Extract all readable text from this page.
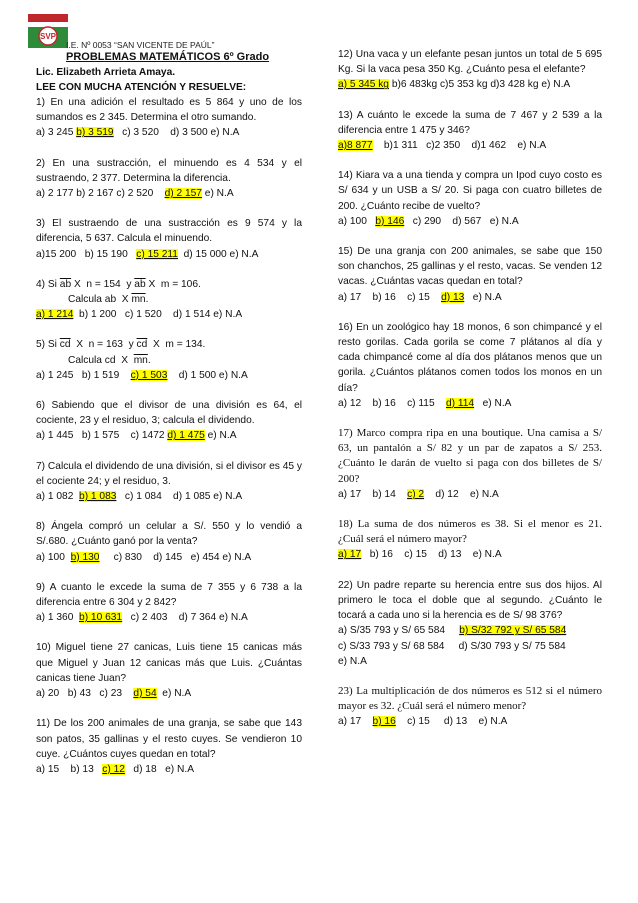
SVP
I.E. Nº 0053 “SAN VICENTE DE PAÚL”
PROBLEMAS MATEMÁTICOS 6º Grado
Lic. Elizabeth Arrieta Amaya.
LEE CON MUCHA ATENCIÓN Y RESUELVE:
1) En una adición el resultado es 5 864 y uno de los sumandos es 2 345. Determina el otro sumando.
a) 3 245 b) 3 519   c) 3 520    d) 3 500 e) N.A
2) En una sustracción, el minuendo es 4 534 y el sustraendo, 2 377. Determina la diferencia.
a) 2 177 b) 2 167 c) 2 520    d) 2 157 e) N.A
3) El sustraendo de una sustracción es 9 574 y la diferencia, 5 637. Calcula el minuendo.
a)15 200   b) 15 190   c) 15 211  d) 15 000 e) N.A
4) Si $\overline{ab}$ X  n = 154  y $\overline{ab}$ X  m = 106.
Calcula ab  X $\overline{mn}$.
a) 1 214  b) 1 200   c) 1 520    d) 1 514 e) N.A
5) Si $\overline{cd}$  X  n = 163  y $\overline{cd}$  X  m = 134.
Calcula cd  X  $\overline{mn}$.
a) 1 245   b) 1 519    c) 1 503    d) 1 500 e) N.A
6) Sabiendo que el divisor de una división es 64, el cociente, 23 y el residuo, 3; calcula el dividendo.
a) 1 445   b) 1 575    c) 1472 d) 1 475 e) N.A
7) Calcula el dividendo de una división, si el divisor es 45 y el cociente 24; y el residuo, 3.
a) 1 082  b) 1 083   c) 1 084    d) 1 085 e) N.A
8) Ángela compró un celular a S/. 550 y lo vendió a S/.680. ¿Cuánto ganó por la venta?
a) 100  b) 130     c) 830    d) 145   e) 454 e) N.A
9) A cuanto le excede la suma de 7 355 y 6 738 a la diferencia entre 6 304 y 2 842?
a) 1 360  b) 10 631   c) 2 403    d) 7 364 e) N.A
10) Miguel tiene 27 canicas, Luis tiene 15 canicas más que Miguel y Juan 12 canicas más que Luis. ¿Cuántas canicas tiene Juan?
a) 20   b) 43   c) 23    d) 54  e) N.A
11) De los 200 animales de una granja, se sabe que 143 son patos, 35 gallinas y el resto cuyes. Se vendieron 10 cuye. ¿Cuántos cuyes quedan en total?
a) 15    b) 13   c) 12   d) 18   e) N.A
12) Una vaca y un elefante pesan juntos un total de 5 695 Kg. Si la vaca pesa 350 Kg. ¿Cuánto pesa el elefante?
a) 5 345 kg b)6 483kg c)5 353 kg d)3 428 kg e) N.A
13) A cuánto le excede la suma de 7 467 y 2 539 a la diferencia entre 1 475 y 346?
a)8 877    b)1 311   c)2 350    d)1 462    e) N.A
14) Kiara va a una tienda y compra un Ipod cuyo costo es S/ 634 y un USB a S/ 20. Si paga con cuatro billetes de 200. ¿Cuánto recibe de vuelto?
a) 100   b) 146   c) 290    d) 567   e) N.A
15) De una granja con 200 animales, se sabe que 150 son chanchos, 25 gallinas y el resto, vacas. Se venden 12 vacas. ¿Cuántas vacas quedan en total?
a) 17    b) 16    c) 15    d) 13   e) N.A
16) En un zoológico hay 18 monos, 6 son chimpancé y el resto gorilas. Cada gorila se come 7 plátanos al día y cada chimpancé come al día dos plátanos menos que un gorila. ¿Cuántos plátanos comen todos los monos en un día?
a) 12    b) 16    c) 115    d) 114   e) N.A
17) Marco compra ripa en una boutique. Una camisa a S/ 63, un pantalón a S/ 82 y un par de zapatos a S/ 253. ¿Cuánto le darán de vuelto si paga con dos billetes de S/ 200?
a) 17    b) 14    c) 2    d) 12    e) N.A
18) La suma de dos números es 38. Si el menor es 21. ¿Cuál será el número mayor?
a) 17   b) 16    c) 15    d) 13    e) N.A
22) Un padre reparte su herencia entre sus dos hijos. Al primero le toca el doble que al segundo. ¿Cuánto le tocará a cada uno si la herencia es de S/ 98 376?
a) S/35 793 y S/ 65 584     b) S/32 792 y S/ 65 584
c) S/33 793 y S/ 68 584     d) S/30 793 y S/ 75 584
e) N.A
23) La multiplicación de dos números es 512 si el número mayor es 32. ¿Cuál será el número menor?
a) 17    b) 16    c) 15     d) 13    e) N.A
